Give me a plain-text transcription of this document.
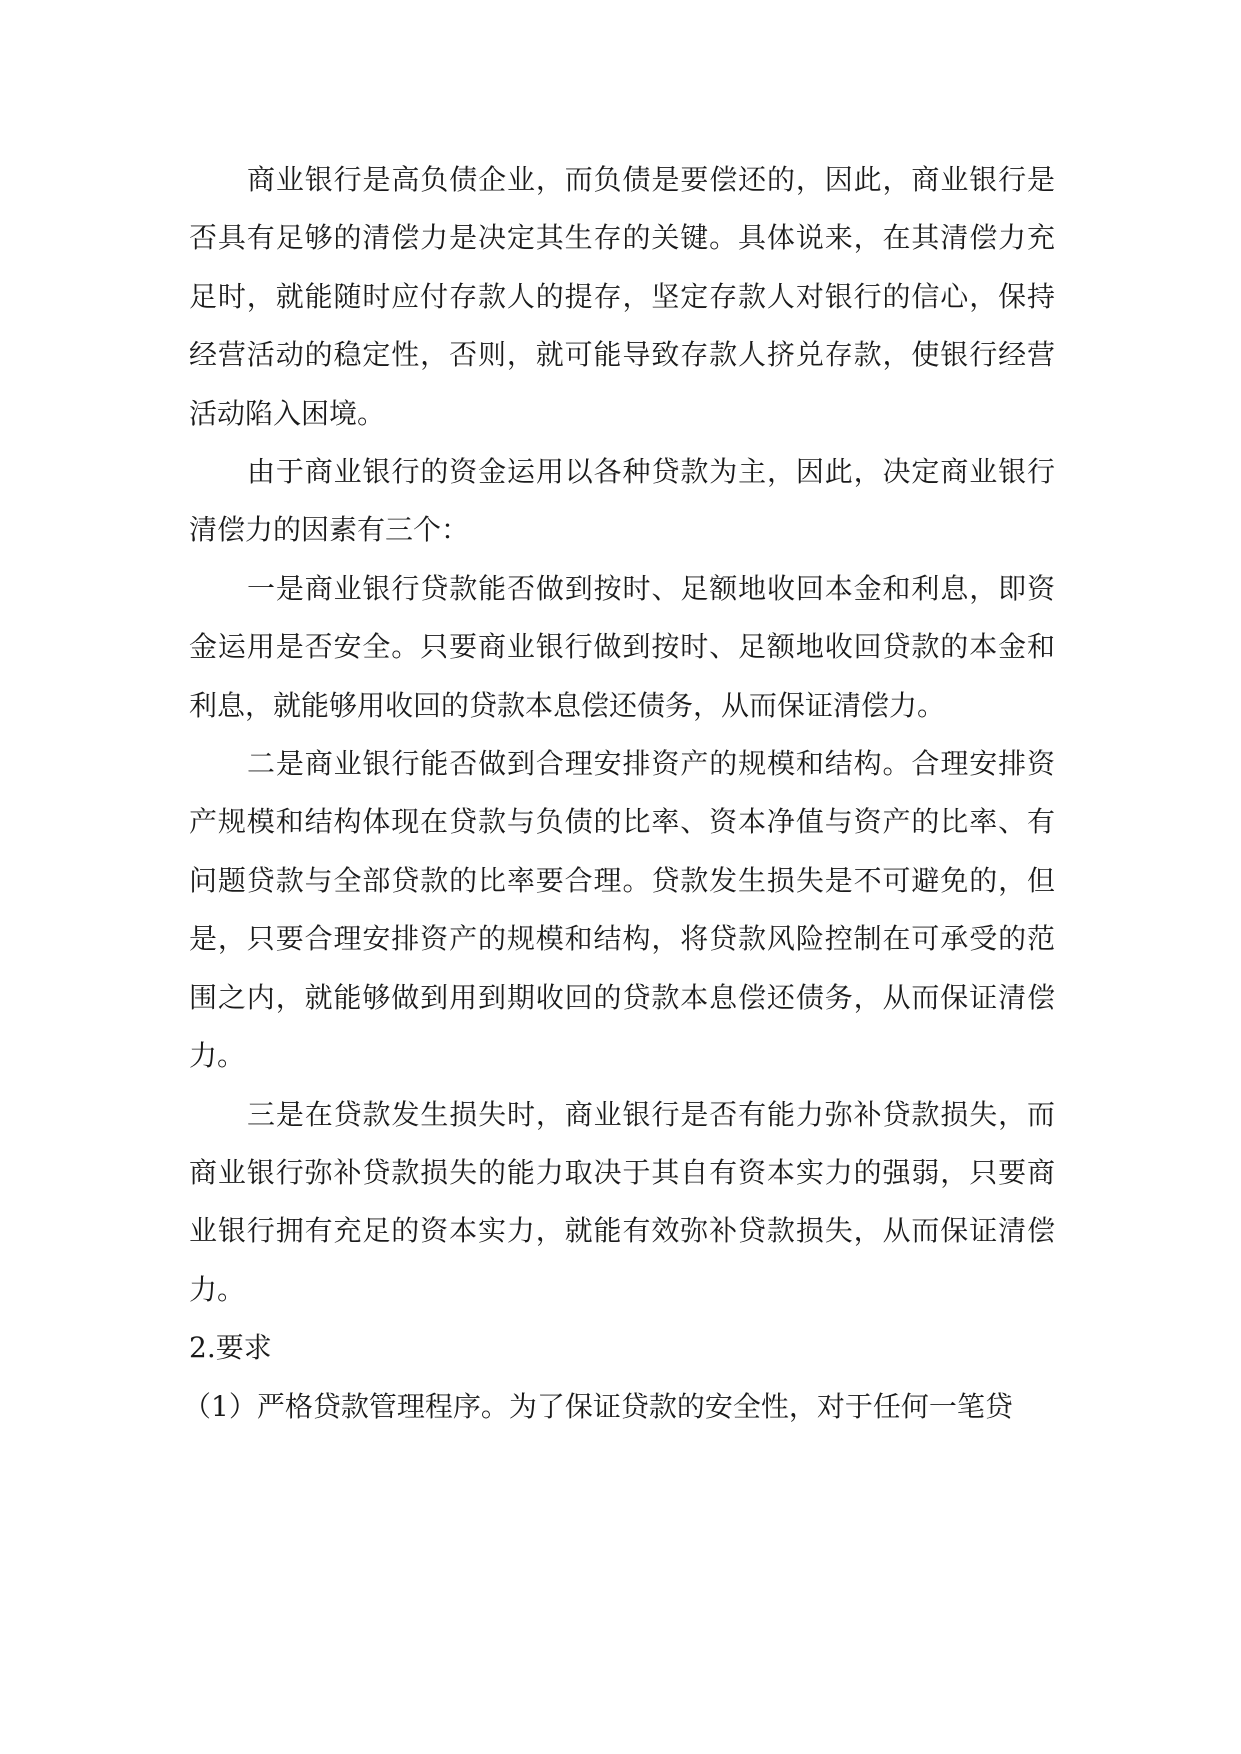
商业银行是高负债企业，而负债是要偿还的，因此，商业银行是否具有足够的清偿力是决定其生存的关键。具体说来，在其清偿力充足时，就能随时应付存款人的提存，坚定存款人对银行的信心，保持经营活动的稳定性，否则，就可能导致存款人挤兑存款，使银行经营活动陷入困境。

由于商业银行的资金运用以各种贷款为主，因此，决定商业银行清偿力的因素有三个：

一是商业银行贷款能否做到按时、足额地收回本金和利息，即资金运用是否安全。只要商业银行做到按时、足额地收回贷款的本金和利息，就能够用收回的贷款本息偿还债务，从而保证清偿力。

二是商业银行能否做到合理安排资产的规模和结构。合理安排资产规模和结构体现在贷款与负债的比率、资本净值与资产的比率、有问题贷款与全部贷款的比率要合理。贷款发生损失是不可避免的，但是，只要合理安排资产的规模和结构，将贷款风险控制在可承受的范围之内，就能够做到用到期收回的贷款本息偿还债务，从而保证清偿力。

三是在贷款发生损失时，商业银行是否有能力弥补贷款损失，而商业银行弥补贷款损失的能力取决于其自有资本实力的强弱，只要商业银行拥有充足的资本实力，就能有效弥补贷款损失，从而保证清偿力。

2.要求

（1）严格贷款管理程序。为了保证贷款的安全性，对于任何一笔贷
